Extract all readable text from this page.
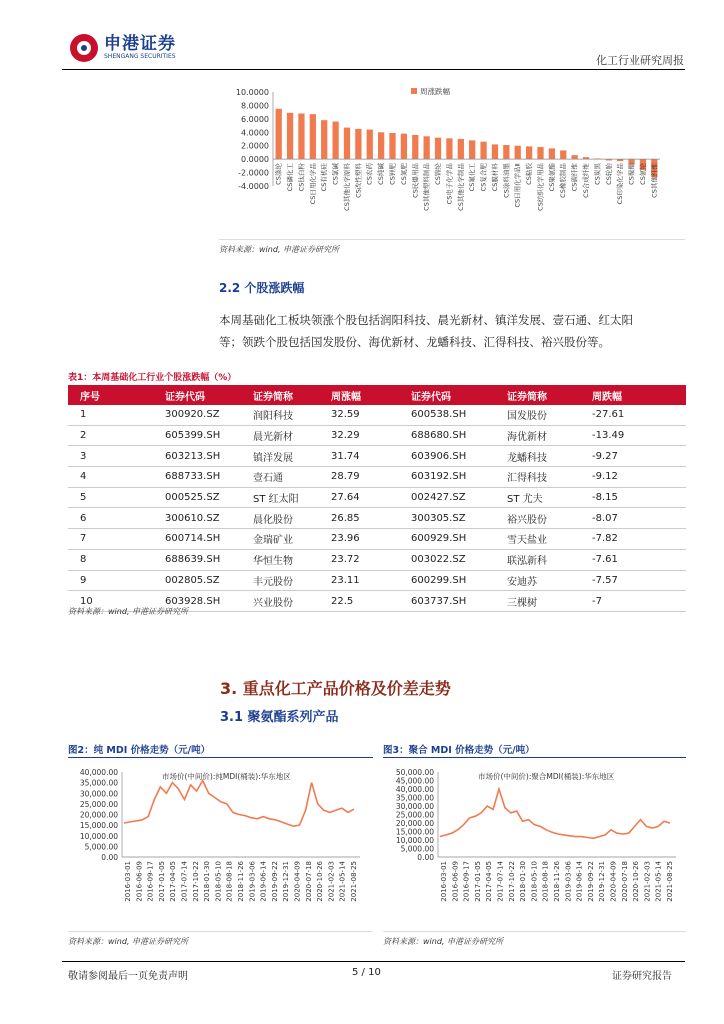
申港证券
SHENGANG SECURITIES	化工行业研究周报
10.0000
8.0000
6.0000
4.0000
2.0000
0.0000
-2.0000
-4.0000
CS涤纶 CS磷化工 CS钛白粉 CS日用化学品 CS有机硅 CS氯碱 CS其他化学原料 CS改性塑料 CS农药 CS纯碱 CS钾肥 CS氮肥 CS民爆用品 CS其他塑料制品 CS锦纶 CS电子化学品 CS其他化学制品 CS氟化工 CS复合肥 CS膜材料 CS涂料油墨 CS日用化学品Ⅱ CS粘胶 CS纺织化学用品 CS聚氨酯 CS橡胶制品 CS碳纤维 CS合成纤维 CS炭黑 CS轮胎 CS印染化学品 CS聚酯 CS氨纶 CS其他纤维
周涨跌幅
资料来源：wind, 申港证券研究所
2.2 个股涨跌幅
本周基础化工板块领涨个股包括润阳科技、晨光新材、镇洋发展、壹石通、红太阳
等；领跌个股包括国发股份、海优新材、龙蟠科技、汇得科技、裕兴股份等。
表1：本周基础化工行业个股涨跌幅（%）
序号	证券代码	证券简称	周涨幅	证券代码	证券简称	周跌幅
1	300920.SZ	润阳科技	32.59	600538.SH	国发股份	-27.61
2	605399.SH	晨光新材	32.29	688680.SH	海优新材	-13.49
3	603213.SH	镇洋发展	31.74	603906.SH	龙蟠科技	-9.27
4	688733.SH	壹石通	28.79	603192.SH	汇得科技	-9.12
5	000525.SZ	ST 红太阳	27.64	002427.SZ	ST 尤夫	-8.15
6	300610.SZ	晨化股份	26.85	300305.SZ	裕兴股份	-8.07
7	600714.SH	金瑞矿业	23.96	600929.SH	雪天盐业	-7.82
8	688639.SH	华恒生物	23.72	003022.SZ	联泓新科	-7.61
9	002805.SZ	丰元股份	23.11	600299.SH	安迪苏	-7.57
10	603928.SH	兴业股份	22.5	603737.SH	三棵树	-7
资料来源：wind, 申港证券研究所
3. 重点化工产品价格及价差走势
3.1 聚氨酯系列产品
图2：纯 MDI 价格走势（元/吨）
40,000.00
35,000.00
30,000.00
25,000.00
20,000.00
15,000.00
10,000.00
5,000.00
0.00
2016-03-01 2016-06-09 2016-09-17 2017-01-05 2017-04-05 2017-07-14 2017-10-22 2018-01-30 2018-05-10 2018-08-18 2018-11-26 2019-03-06 2019-06-14 2019-09-22 2019-12-31 2020-04-09 2020-07-18 2020-10-26 2021-02-03 2021-05-14 2021-08-25
市场价(中间价):纯MDI(桶装):华东地区
资料来源：wind, 申港证券研究所
图3：聚合 MDI 价格走势（元/吨）
50,000.00
45,000.00
40,000.00
35,000.00
30,000.00
25,000.00
20,000.00
15,000.00
10,000.00
5,000.00
0.00
2016-03-01 2016-06-09 2016-09-17 2017-01-05 2017-04-05 2017-07-14 2017-10-22 2018-01-30 2018-05-10 2018-08-18 2018-11-26 2019-03-06 2019-06-14 2019-09-22 2019-12-31 2020-04-09 2020-07-18 2020-10-26 2021-02-03 2021-05-14 2021-08-25
市场价(中间价):聚合MDI(桶装):华东地区
资料来源：wind, 申港证券研究所
敬请参阅最后一页免责声明	5 / 10	证券研究报告
